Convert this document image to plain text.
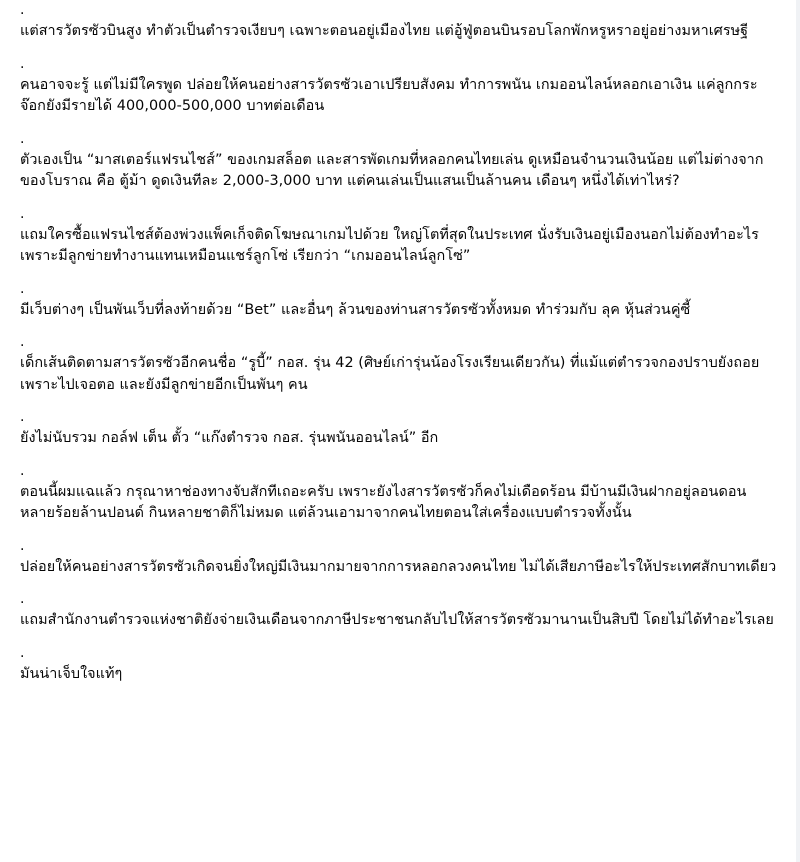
.

แต่สารวัตรซัวบินสูง ทำตัวเป็นตำรวจเงียบๆ เฉพาะตอนอยู่เมืองไทย แต่อู้ฟู่ตอนบินรอบโลกพักหรูหราอยู่อย่างมหาเศรษฐี

.

คนอาจจะรู้ แต่ไม่มีใครพูด ปล่อยให้คนอย่างสารวัตรซัวเอาเปรียบสังคม ทำการพนัน เกมออนไลน์หลอกเอาเงิน แค่ลูกกระจ๊อกยังมีรายได้ 400,000-500,000 บาทต่อเดือน

.

ตัวเองเป็น “มาสเตอร์แฟรนไชส์” ของเกมสล็อต และสารพัดเกมที่หลอกคนไทยเล่น ดูเหมือนจำนวนเงินน้อย แต่ไม่ต่างจากของโบราณ คือ ตู้ม้า ดูดเงินทีละ 2,000-3,000 บาท แต่คนเล่นเป็นแสนเป็นล้านคน เดือนๆ หนึ่งได้เท่าไหร่?

.

แถมใครซื้อแฟรนไชส์ต้องพ่วงแพ็คเก็จติดโฆษณาเกมไปด้วย ใหญ่โตที่สุดในประเทศ นั่งรับเงินอยู่เมืองนอกไม่ต้องทำอะไร เพราะมีลูกข่ายทำงานแทนเหมือนแชร์ลูกโซ่ เรียกว่า “เกมออนไลน์ลูกโซ่”

.

มีเว็บต่างๆ เป็นพันเว็บที่ลงท้ายด้วย “Bet” และอื่นๆ ล้วนของท่านสารวัตรซัวทั้งหมด ทำร่วมกับ ลุค หุ้นส่วนคู่ซี้

.

เด็กเส้นติดตามสารวัตรซัวอีกคนชื่อ “รูบี้” กอส. รุ่น 42 (ศิษย์เก่ารุ่นน้องโรงเรียนเดียวกัน) ที่แม้แต่ตำรวจกองปราบยังถอย เพราะไปเจอตอ และยังมีลูกข่ายอีกเป็นพันๆ คน

.

ยังไม่นับรวม กอล์ฟ เต็น ตั้ว “แก๊งตำรวจ กอส. รุ่นพนันออนไลน์” อีก

.

ตอนนี้ผมแฉแล้ว กรุณาหาช่องทางจับสักทีเถอะครับ เพราะยังไงสารวัตรซัวก็คงไม่เดือดร้อน มีบ้านมีเงินฝากอยู่ลอนดอนหลายร้อยล้านปอนด์ กินหลายชาติก็ไม่หมด แต่ล้วนเอามาจากคนไทยตอนใส่เครื่องแบบตำรวจทั้งนั้น

.

ปล่อยให้คนอย่างสารวัตรซัวเกิดจนยิ่งใหญ่มีเงินมากมายจากการหลอกลวงคนไทย ไม่ได้เสียภาษีอะไรให้ประเทศสักบาทเดียว

.

แถมสำนักงานตำรวจแห่งชาติยังจ่ายเงินเดือนจากภาษีประชาชนกลับไปให้สารวัตรซัวมานานเป็นสิบปี โดยไม่ได้ทำอะไรเลย

.

มันน่าเจ็บใจแท้ๆ
